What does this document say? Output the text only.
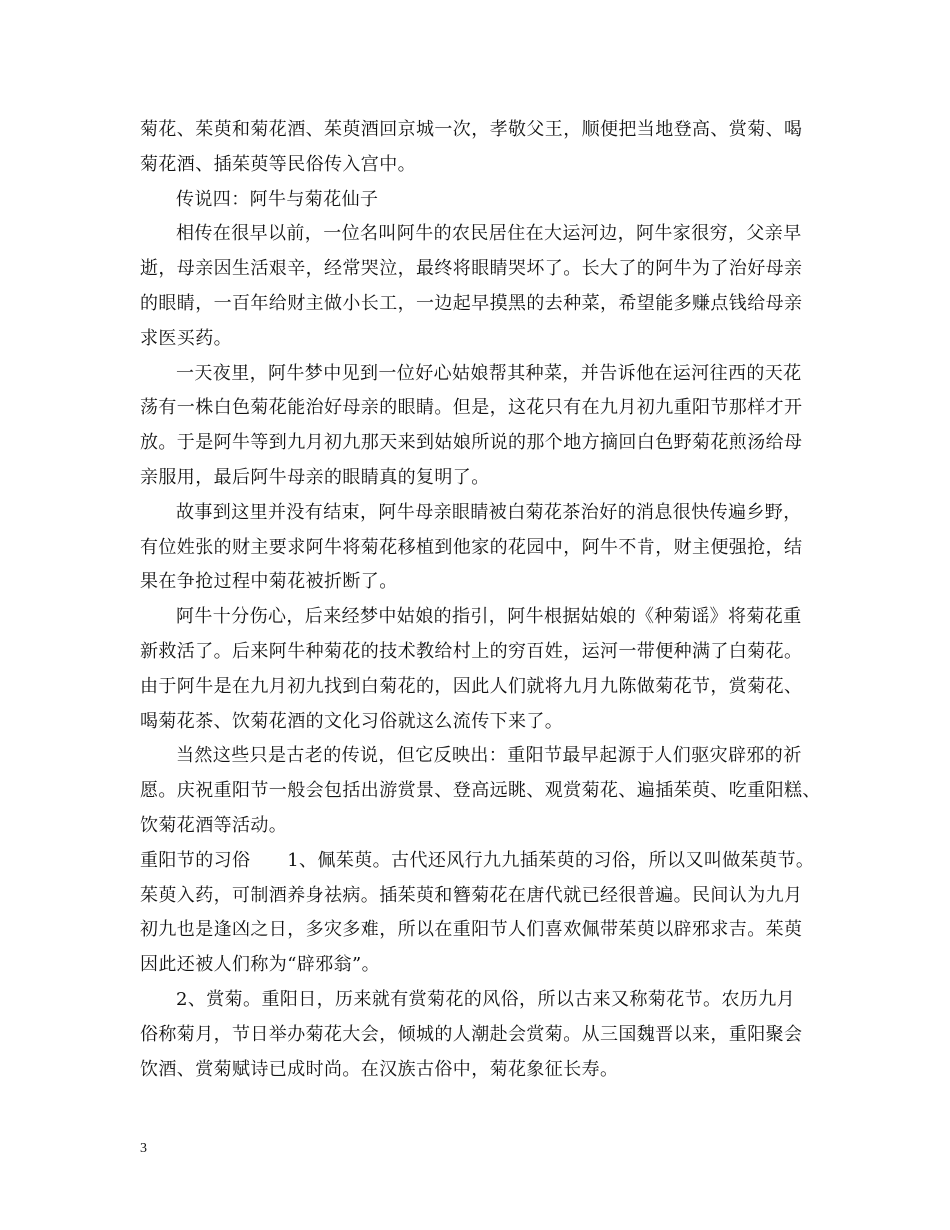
菊花、茱萸和菊花酒、茱萸酒回京城一次，孝敬父王，顺便把当地登高、赏菊、喝
菊花酒、插茱萸等民俗传入宫中。
传说四：阿牛与菊花仙子
相传在很早以前，一位名叫阿牛的农民居住在大运河边，阿牛家很穷，父亲早
逝，母亲因生活艰辛，经常哭泣，最终将眼睛哭坏了。长大了的阿牛为了治好母亲
的眼睛，一百年给财主做小长工，一边起早摸黑的去种菜，希望能多赚点钱给母亲
求医买药。
一天夜里，阿牛梦中见到一位好心姑娘帮其种菜，并告诉他在运河往西的天花
荡有一株白色菊花能治好母亲的眼睛。但是，这花只有在九月初九重阳节那样才开
放。于是阿牛等到九月初九那天来到姑娘所说的那个地方摘回白色野菊花煎汤给母
亲服用，最后阿牛母亲的眼睛真的复明了。
故事到这里并没有结束，阿牛母亲眼睛被白菊花茶治好的消息很快传遍乡野，
有位姓张的财主要求阿牛将菊花移植到他家的花园中，阿牛不肯，财主便强抢，结
果在争抢过程中菊花被折断了。
阿牛十分伤心，后来经梦中姑娘的指引，阿牛根据姑娘的《种菊谣》将菊花重
新救活了。后来阿牛种菊花的技术教给村上的穷百姓，运河一带便种满了白菊花。
由于阿牛是在九月初九找到白菊花的，因此人们就将九月九陈做菊花节，赏菊花、
喝菊花茶、饮菊花酒的文化习俗就这么流传下来了。
当然这些只是古老的传说，但它反映出：重阳节最早起源于人们驱灾辟邪的祈
愿。庆祝重阳节一般会包括出游赏景、登高远眺、观赏菊花、遍插茱萸、吃重阳糕、
饮菊花酒等活动。
重阳节的习俗　　1、佩茱萸。古代还风行九九插茱萸的习俗，所以又叫做茱萸节。
茱萸入药，可制酒养身祛病。插茱萸和簪菊花在唐代就已经很普遍。民间认为九月
初九也是逢凶之日，多灾多难，所以在重阳节人们喜欢佩带茱萸以辟邪求吉。茱萸
因此还被人们称为“辟邪翁”。
2、赏菊。重阳日，历来就有赏菊花的风俗，所以古来又称菊花节。农历九月
俗称菊月，节日举办菊花大会，倾城的人潮赴会赏菊。从三国魏晋以来，重阳聚会
饮酒、赏菊赋诗已成时尚。在汉族古俗中，菊花象征长寿。
3
